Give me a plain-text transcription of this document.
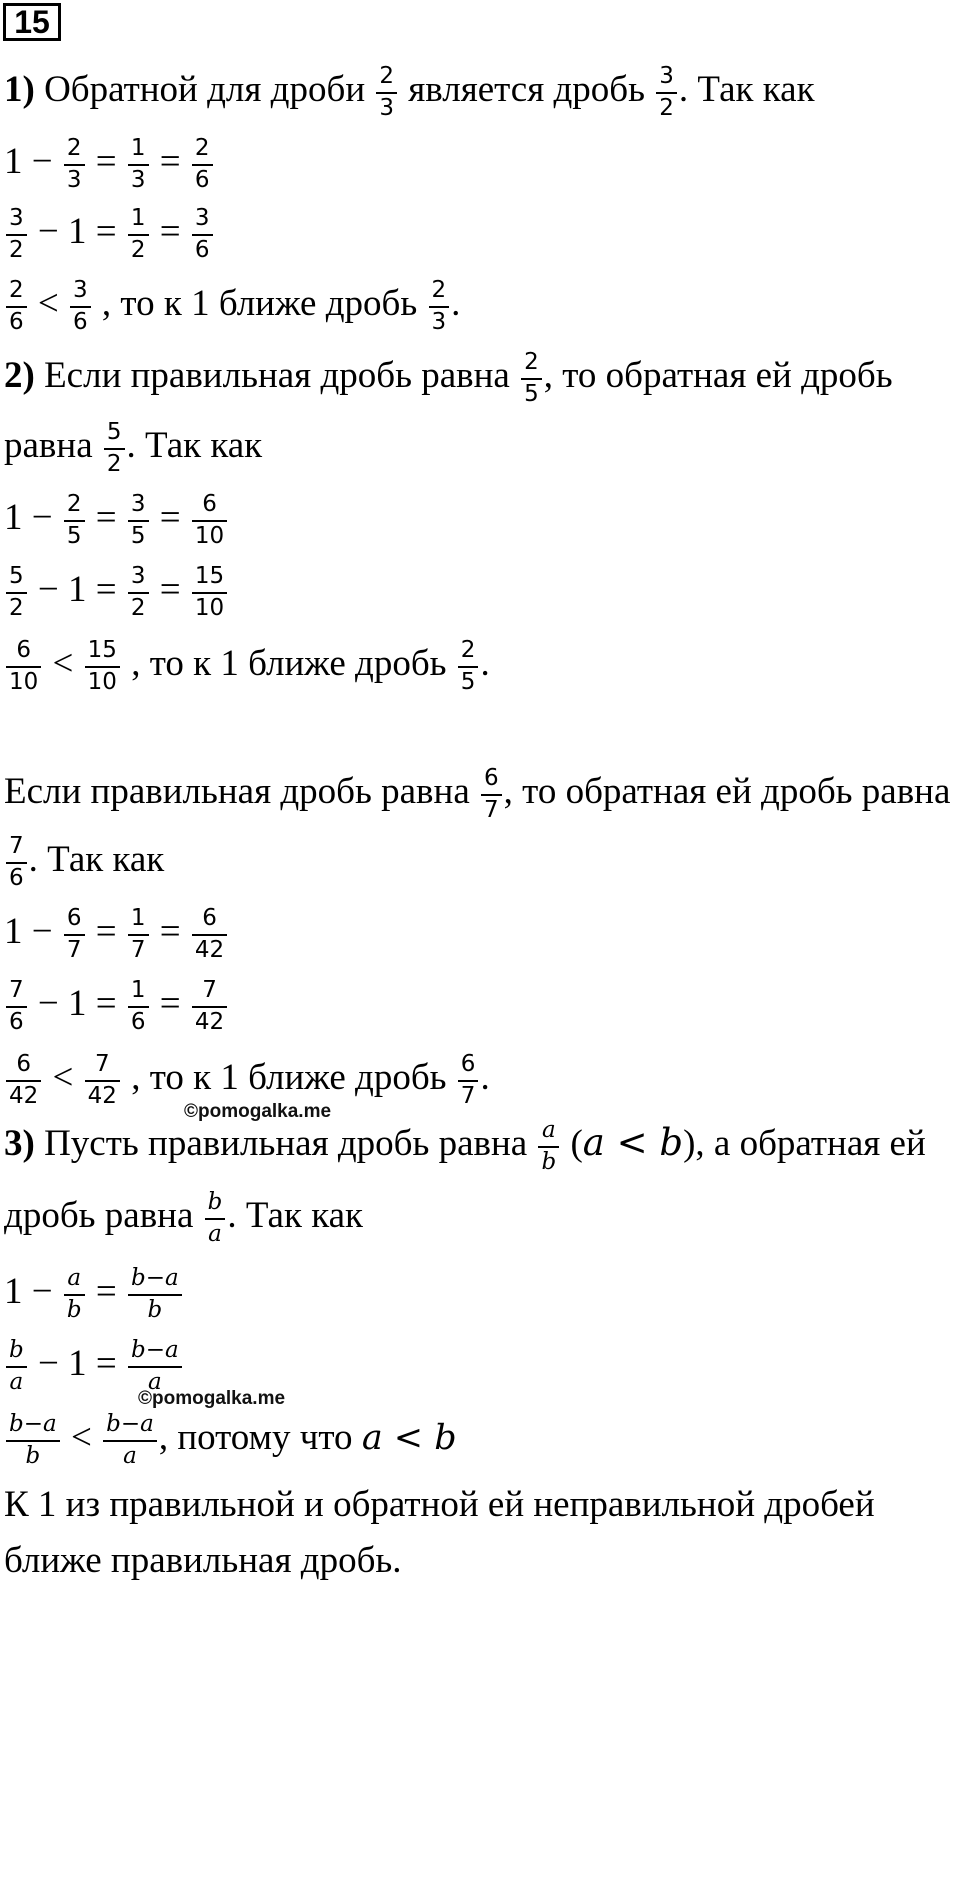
15
1) Обратной для дроби $\frac{2}{3}$ является дробь $\frac{3}{2}$ . Так как
$1 - \frac{2}{3} = \frac{1}{3} = \frac{2}{6}$
$\frac{3}{2} - 1 = \frac{1}{2} = \frac{3}{6}$
$\frac{2}{6} < \frac{3}{6}$ , то к 1 ближе дробь $\frac{2}{3}$ .
2) Если правильная дробь равна $\frac{2}{5}$ , то обратная ей дробь
равна $\frac{5}{2}$ . Так как
$1 - \frac{2}{5} = \frac{3}{5} = \frac{6}{10}$
$\frac{5}{2} - 1 = \frac{3}{2} = \frac{15}{10}$
$\frac{6}{10} < \frac{15}{10}$ , то к 1 ближе дробь $\frac{2}{5}$ .
Если правильная дробь равна $\frac{6}{7}$ , то обратная ей дробь равна
$\frac{7}{6}$ . Так как
$1 - \frac{6}{7} = \frac{1}{7} = \frac{6}{42}$
$\frac{7}{6} - 1 = \frac{1}{6} = \frac{7}{42}$
$\frac{6}{42} < \frac{7}{42}$ , то к 1 ближе дробь $\frac{6}{7}$ .
©pomogalka.me
3) Пусть правильная дробь равна $\frac{a}{b} (a < b)$, а обратная ей
дробь равна $\frac{b}{a}$ . Так как
$1 - \frac{a}{b} = \frac{b-a}{b}$
$\frac{b}{a} - 1 = \frac{b-a}{a}$
©pomogalka.me
$\frac{b-a}{b} < \frac{b-a}{a}$ , потому что a < b
К 1 из правильной и обратной ей неправильной дробей
ближе правильная дробь.
